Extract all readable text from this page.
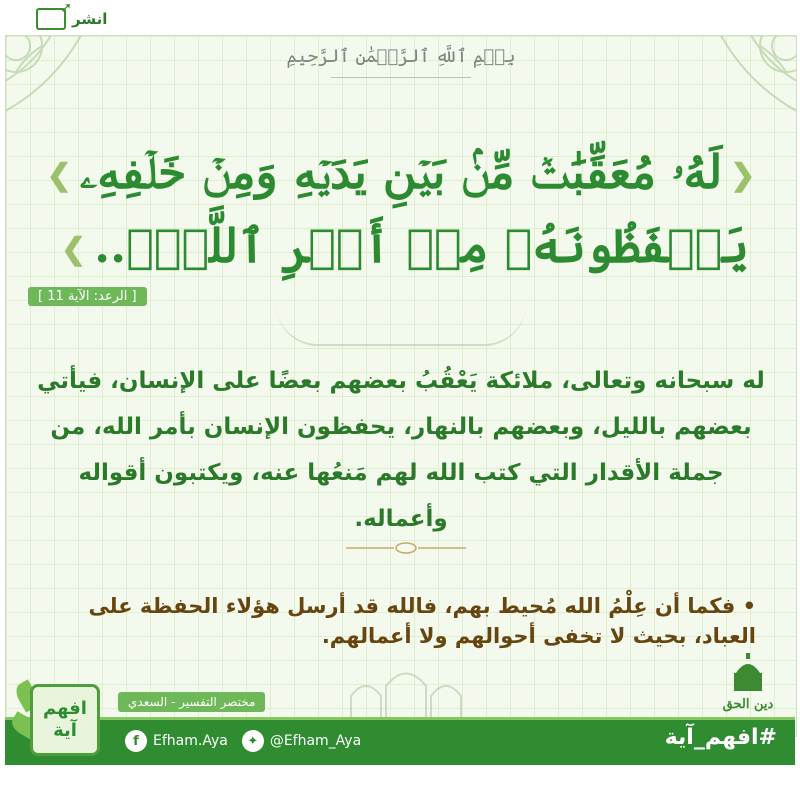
انشر
➚
بِسۡمِ ٱللَّهِ ٱلرَّحۡمَٰنِ ٱلرَّحِيمِ
❮لَهُۥ مُعَقِّبَٰتٞ مِّنۢ بَيۡنِ يَدَيۡهِ وَمِنۡ خَلۡفِهِۦ❯
يَحۡفَظُونَهُۥ مِنۡ أَمۡرِ ٱللَّهِۗ..❯
[ الرعد: الآية 11 ]
له سبحانه وتعالى، ملائكة يَعْقُبُ بعضهم بعضًا على الإنسان، فيأتي بعضهم بالليل، وبعضهم بالنهار، يحفظون الإنسان بأمر الله، من جملة الأقدار التي كتب الله لهم مَنعُها عنه، ويكتبون أقواله وأعماله.
• فكما أن عِلْمُ الله مُحيط بهم، فالله قد أرسل هؤلاء الحفظة على العباد، بحيث لا تخفى أحوالهم ولا أعمالهم.
مختصر التفسير - السعدي	دين الحق
f	Efham.Aya	✦ @Efham_Aya	#افهم_آية
افهم
آية
